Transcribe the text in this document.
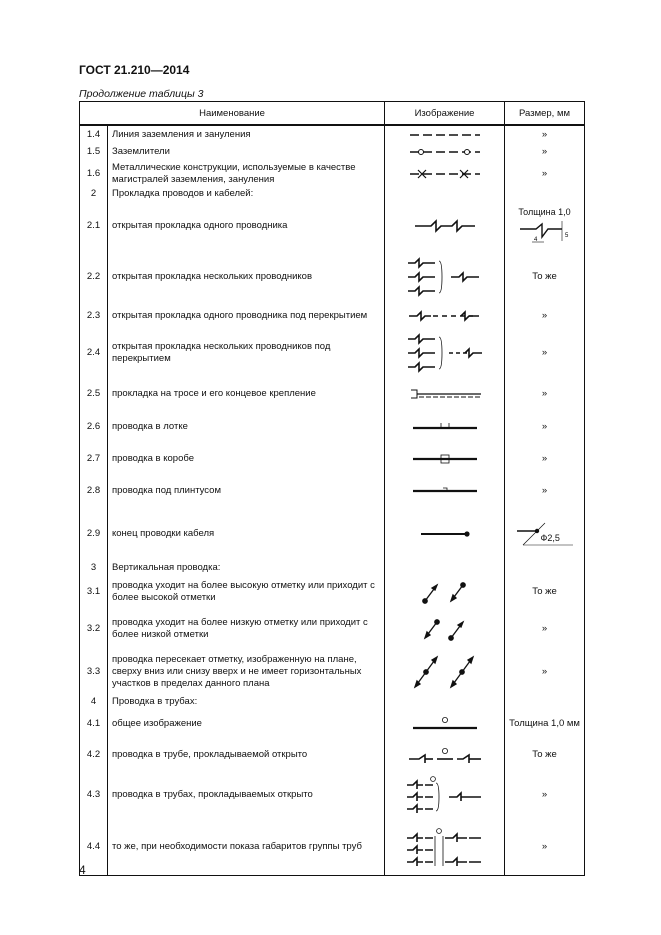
ГОСТ 21.210—2014
Продолжение таблицы 3
Наименование		Изображение	Размер, мм
1.4	Линия заземления и зануления		»
1.5	Заземлители		»
1.6	Металлические конструкции, используемые в качестве магистралей заземления, зануления		»
2	Прокладка проводов и кабелей:		
2.1	открытая прокладка одного проводника		Толщина 1,0
4
5

2.2	открытая прокладка нескольких проводников		То же
2.3	открытая прокладка одного проводника под перекрытием		»
2.4	открытая прокладка нескольких проводников под перекрытием		»
2.5	прокладка на тросе и его концевое крепление		»
2.6	проводка в лотке		»
2.7	проводка в коробе		»
2.8	проводка под плинтусом		»
2.9	конец проводки кабеля		Ф2,5

3	Вертикальная проводка:		
3.1	проводка уходит на более высокую отметку или приходит с более высокой отметки		То же
3.2	проводка уходит на более низкую отметку или приходит с более низкой отметки		»
3.3	проводка пересекает отметку, изображенную на плане, сверху вниз или снизу вверх и не имеет горизонтальных участков в пределах данного плана		»
4	Проводка в трубах:		
4.1	общее изображение		Толщина 1,0 мм
4.2	проводка в трубе, прокладываемой открыто		То же
4.3	проводка в трубах, прокладываемых открыто		»
4.4	то же, при необходимости показа габаритов группы труб		»
4
